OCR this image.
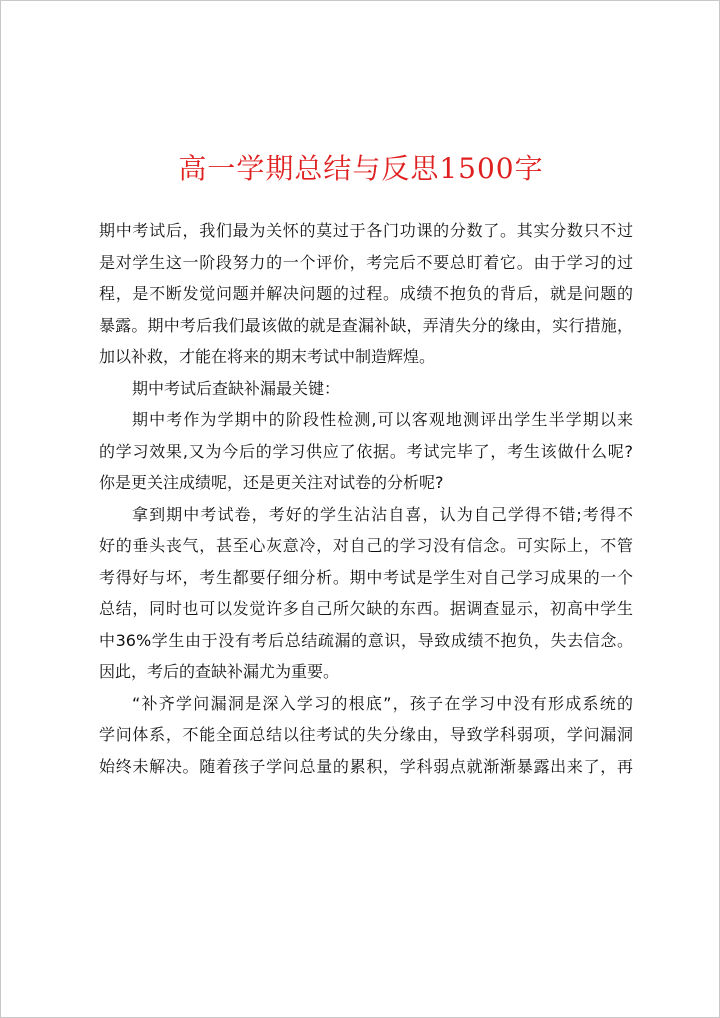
高一学期总结与反思1500字
期中考试后，我们最为关怀的莫过于各门功课的分数了。其实分数只不过
是对学生这一阶段努力的一个评价，考完后不要总盯着它。由于学习的过
程，是不断发觉问题并解决问题的过程。成绩不抱负的背后，就是问题的
暴露。期中考后我们最该做的就是查漏补缺，弄清失分的缘由，实行措施，
加以补救，才能在将来的期末考试中制造辉煌。
期中考试后查缺补漏最关键：
期中考作为学期中的阶段性检测,可以客观地测评出学生半学期以来
的学习效果,又为今后的学习供应了依据。考试完毕了，考生该做什么呢?
你是更关注成绩呢，还是更关注对试卷的分析呢?
拿到期中考试卷，考好的学生沾沾自喜，认为自己学得不错;考得不
好的垂头丧气，甚至心灰意冷，对自己的学习没有信念。可实际上，不管
考得好与坏，考生都要仔细分析。期中考试是学生对自己学习成果的一个
总结，同时也可以发觉许多自己所欠缺的东西。据调查显示，初高中学生
中36%学生由于没有考后总结疏漏的意识，导致成绩不抱负，失去信念。
因此，考后的查缺补漏尤为重要。
“补齐学问漏洞是深入学习的根底”，孩子在学习中没有形成系统的
学问体系，不能全面总结以往考试的失分缘由，导致学科弱项，学问漏洞
始终未解决。随着孩子学问总量的累积，学科弱点就渐渐暴露出来了，再
